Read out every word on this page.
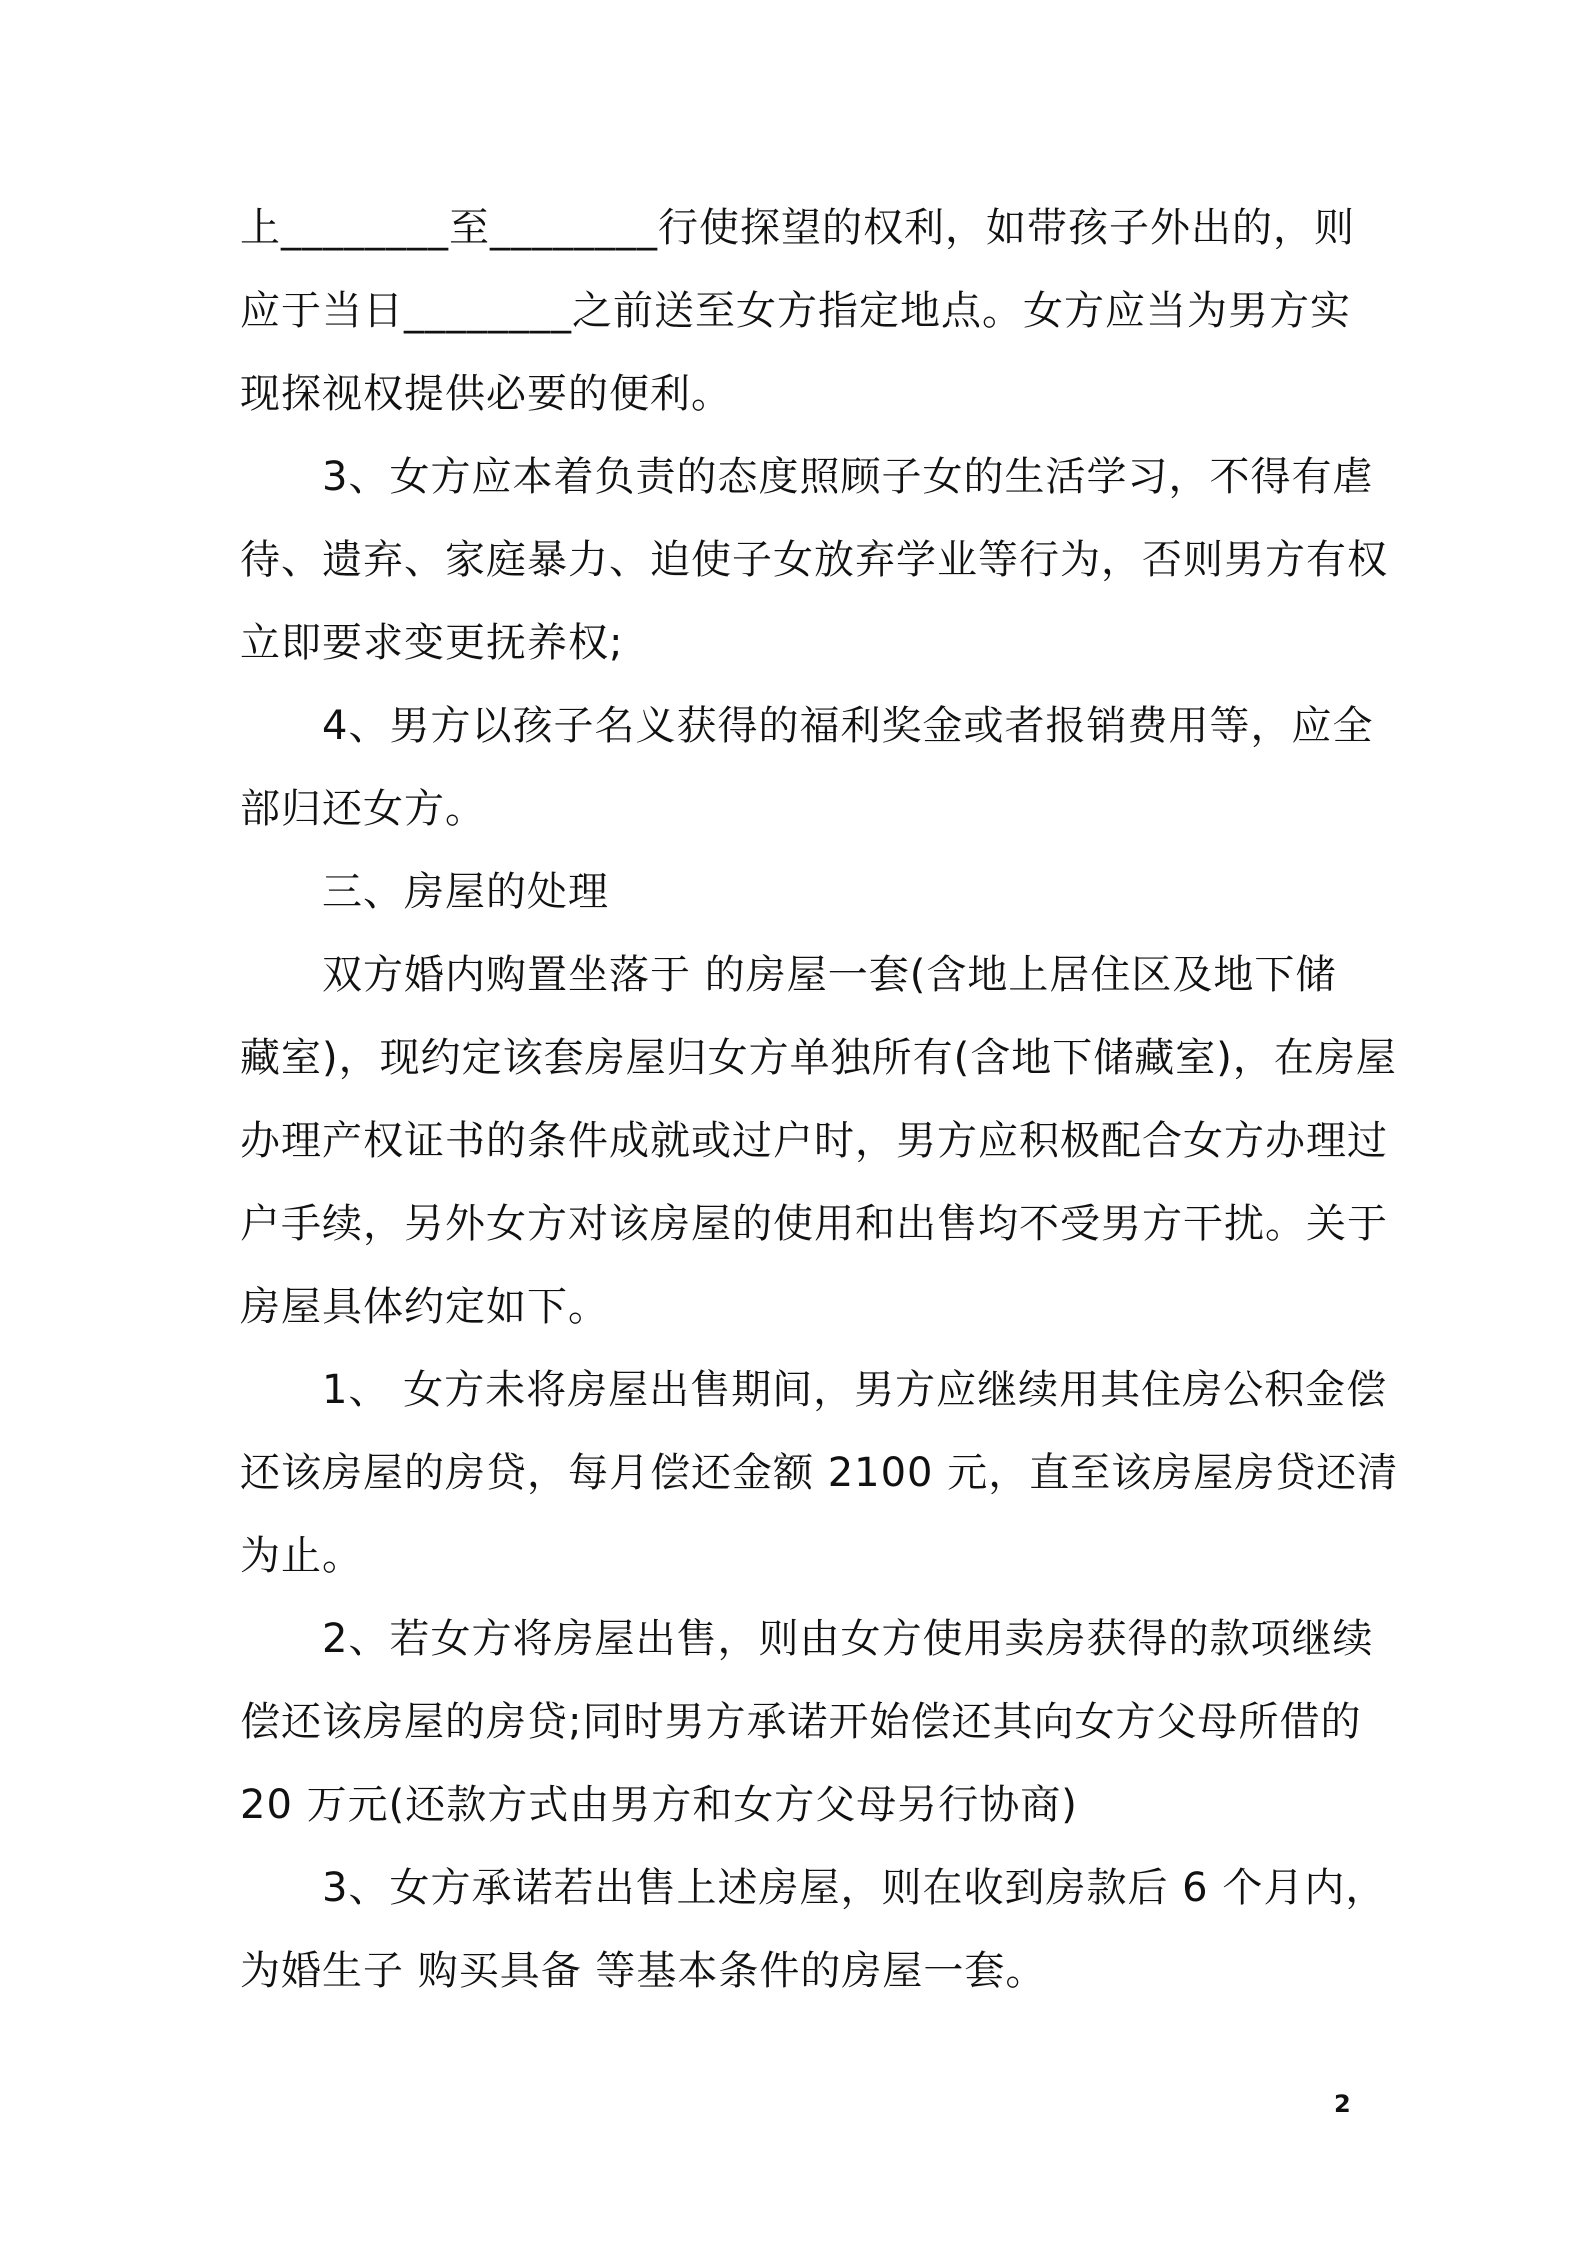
上________至________行使探望的权利，如带孩子外出的，则
应于当日________之前送至女方指定地点。女方应当为男方实
现探视权提供必要的便利。
3、女方应本着负责的态度照顾子女的生活学习，不得有虐
待、遗弃、家庭暴力、迫使子女放弃学业等行为，否则男方有权
立即要求变更抚养权;
4、男方以孩子名义获得的福利奖金或者报销费用等，应全
部归还女方。
三、房屋的处理
双方婚内购置坐落于 的房屋一套(含地上居住区及地下储
藏室)，现约定该套房屋归女方单独所有(含地下储藏室)，在房屋
办理产权证书的条件成就或过户时，男方应积极配合女方办理过
户手续，另外女方对该房屋的使用和出售均不受男方干扰。关于
房屋具体约定如下。
1、 女方未将房屋出售期间，男方应继续用其住房公积金偿
还该房屋的房贷，每月偿还金额 2100 元，直至该房屋房贷还清
为止。
2、若女方将房屋出售，则由女方使用卖房获得的款项继续
偿还该房屋的房贷;同时男方承诺开始偿还其向女方父母所借的
20 万元(还款方式由男方和女方父母另行协商)
3、女方承诺若出售上述房屋，则在收到房款后 6 个月内，
为婚生子 购买具备 等基本条件的房屋一套。
2
